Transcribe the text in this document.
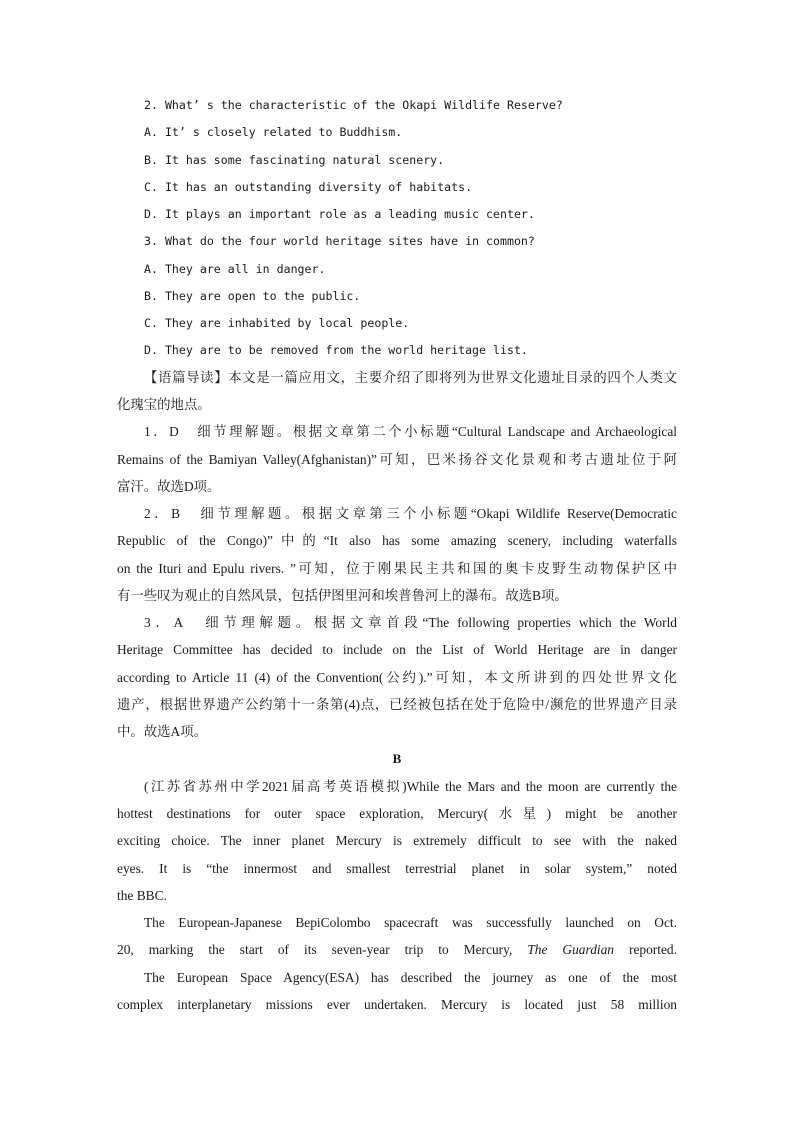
2. What’ s the characteristic of the Okapi Wildlife Reserve?
A. It’ s closely related to Buddhism.
B. It has some fascinating natural scenery.
C. It has an outstanding diversity of habitats.
D. It plays an important role as a leading music center.
3. What do the four world heritage sites have in common?
A. They are all in danger.
B. They are open to the public.
C. They are inhabited by local people.
D. They are to be removed from the world heritage list.
【语篇导读】本文是一篇应用文，主要介绍了即将列为世界文化遗址目录的四个人类文
化瑰宝的地点。
1．D　细节理解题。根据文章第二个小标题“Cultural Landscape and Archaeological
Remains of the Bamiyan Valley(Afghanistan)”可知，巴米扬谷文化景观和考古遗址位于阿
富汗。故选D项。
2．B　细节理解题。根据文章第三个小标题“Okapi Wildlife Reserve(Democratic
Republic of the Congo)”中的“It also has some amazing scenery, including waterfalls
on the Ituri and Epulu rivers. ”可知，位于刚果民主共和国的奥卡皮野生动物保护区中
有一些叹为观止的自然风景，包括伊图里河和埃普鲁河上的瀑布。故选B项。
3．A　细节理解题。根据文章首段“The following properties which the World
Heritage Committee has decided to include on the List of World Heritage are in danger
according to Article 11 (4) of the Convention(公约).”可知，本文所讲到的四处世界文化
遗产，根据世界遗产公约第十一条第(4)点，已经被包括在处于危险中/濒危的世界遗产目录
中。故选A项。
B
(江苏省苏州中学2021届高考英语模拟)While the Mars and the moon are currently the
hottest destinations for outer space exploration, Mercury(水星) might be another
exciting choice. The inner planet Mercury is extremely difficult to see with the naked
eyes. It is “the innermost and smallest terrestrial planet in solar system,” noted
the BBC.
The European-Japanese BepiColombo spacecraft was successfully launched on Oct.
20, marking the start of its seven-year trip to Mercury, The Guardian reported.
The European Space Agency(ESA) has described the journey as one of the most
complex interplanetary missions ever undertaken. Mercury is located just 58 million
